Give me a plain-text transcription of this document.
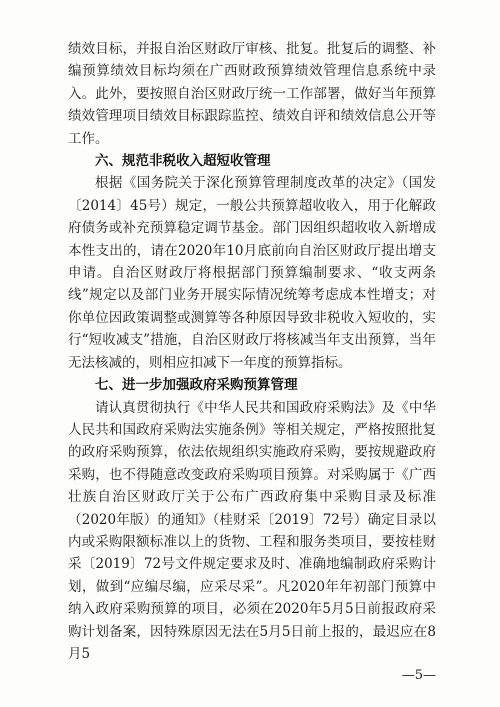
绩效目标，并报自治区财政厅审核、批复。批复后的调整、补编预算绩效目标均须在广西财政预算绩效管理信息系统中录入。此外，要按照自治区财政厅统一工作部署，做好当年预算绩效管理项目绩效目标跟踪监控、绩效自评和绩效信息公开等工作。

六、规范非税收入超短收管理

根据《国务院关于深化预算管理制度改革的决定》（国发〔2014〕45号）规定，一般公共预算超收收入，用于化解政府债务或补充预算稳定调节基金。部门因组织超收收入新增成本性支出的，请在2020年10月底前向自治区财政厅提出增支申请。自治区财政厅将根据部门预算编制要求、“收支两条线”规定以及部门业务开展实际情况统筹考虑成本性增支；对你单位因政策调整或测算等各种原因导致非税收入短收的，实行“短收减支”措施，自治区财政厅将核减当年支出预算，当年无法核减的，则相应扣减下一年度的预算指标。

七、进一步加强政府采购预算管理

请认真贯彻执行《中华人民共和国政府采购法》及《中华人民共和国政府采购法实施条例》等相关规定，严格按照批复的政府采购预算，依法依规组织实施政府采购，要按规避政府采购，也不得随意改变政府采购项目预算。对采购属于《广西壮族自治区财政厅关于公布广西政府集中采购目录及标准（2020年版）的通知》（桂财采〔2019〕72号）确定目录以内或采购限额标准以上的货物、工程和服务类项目，要按桂财采〔2019〕72号文件规定要求及时、准确地编制政府采购计划，做到“应编尽编，应采尽采”。凡2020年年初部门预算中纳入政府采购预算的项目，必须在2020年5月5日前报政府采购计划备案，因特殊原因无法在5月5日前上报的，最迟应在8月5

—5—
